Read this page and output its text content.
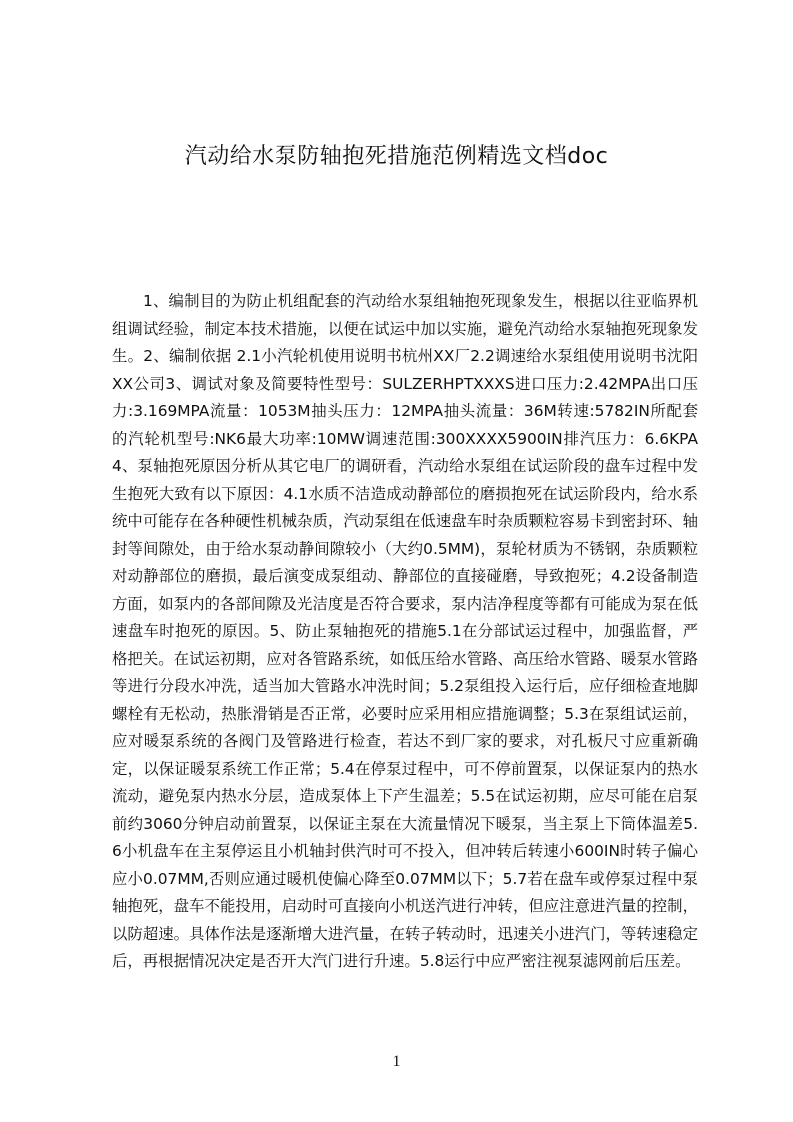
汽动给水泵防轴抱死措施范例精选文档doc

1、编制目的为防止机组配套的汽动给水泵组轴抱死现象发生，根据以往亚临界机组调试经验，制定本技术措施，以便在试运中加以实施，避免汽动给水泵轴抱死现象发生。2、编制依据 2.1小汽轮机使用说明书杭州XX厂2.2调速给水泵组使用说明书沈阳XX公司3、调试对象及简要特性型号：SULZERHPTXXXS进口压力:2.42MPA出口压力:3.169MPA流量：1053M抽头压力：12MPA抽头流量：36M转速:5782IN所配套的汽轮机型号:NK6最大功率:10MW调速范围:300XXXX5900IN排汽压力：6.6KPA4、泵轴抱死原因分析从其它电厂的调研看，汽动给水泵组在试运阶段的盘车过程中发生抱死大致有以下原因：4.1水质不洁造成动静部位的磨损抱死在试运阶段内，给水系统中可能存在各种硬性机械杂质，汽动泵组在低速盘车时杂质颗粒容易卡到密封环、轴封等间隙处，由于给水泵动静间隙较小（大约0.5MM)，泵轮材质为不锈钢，杂质颗粒对动静部位的磨损，最后演变成泵组动、静部位的直接碰磨，导致抱死；4.2设备制造方面，如泵内的各部间隙及光洁度是否符合要求，泵内洁净程度等都有可能成为泵在低速盘车时抱死的原因。5、防止泵轴抱死的措施5.1在分部试运过程中，加强监督，严格把关。在试运初期，应对各管路系统，如低压给水管路、高压给水管路、暖泵水管路等进行分段水冲洗，适当加大管路水冲洗时间；5.2泵组投入运行后，应仔细检查地脚螺栓有无松动，热胀滑销是否正常，必要时应采用相应措施调整；5.3在泵组试运前，应对暖泵系统的各阀门及管路进行检查，若达不到厂家的要求，对孔板尺寸应重新确定，以保证暖泵系统工作正常；5.4在停泵过程中，可不停前置泵，以保证泵内的热水流动，避免泵内热水分层，造成泵体上下产生温差；5.5在试运初期，应尽可能在启泵前约3060分钟启动前置泵，以保证主泵在大流量情况下暖泵，当主泵上下筒体温差5.6小机盘车在主泵停运且小机轴封供汽时可不投入，但冲转后转速小600IN时转子偏心应小0.07MM,否则应通过暖机使偏心降至0.07MM以下；5.7若在盘车或停泵过程中泵轴抱死，盘车不能投用，启动时可直接向小机送汽进行冲转，但应注意进汽量的控制，以防超速。具体作法是逐渐增大进汽量，在转子转动时，迅速关小进汽门，等转速稳定后，再根据情况决定是否开大汽门进行升速。5.8运行中应严密注视泵滤网前后压差。

1
